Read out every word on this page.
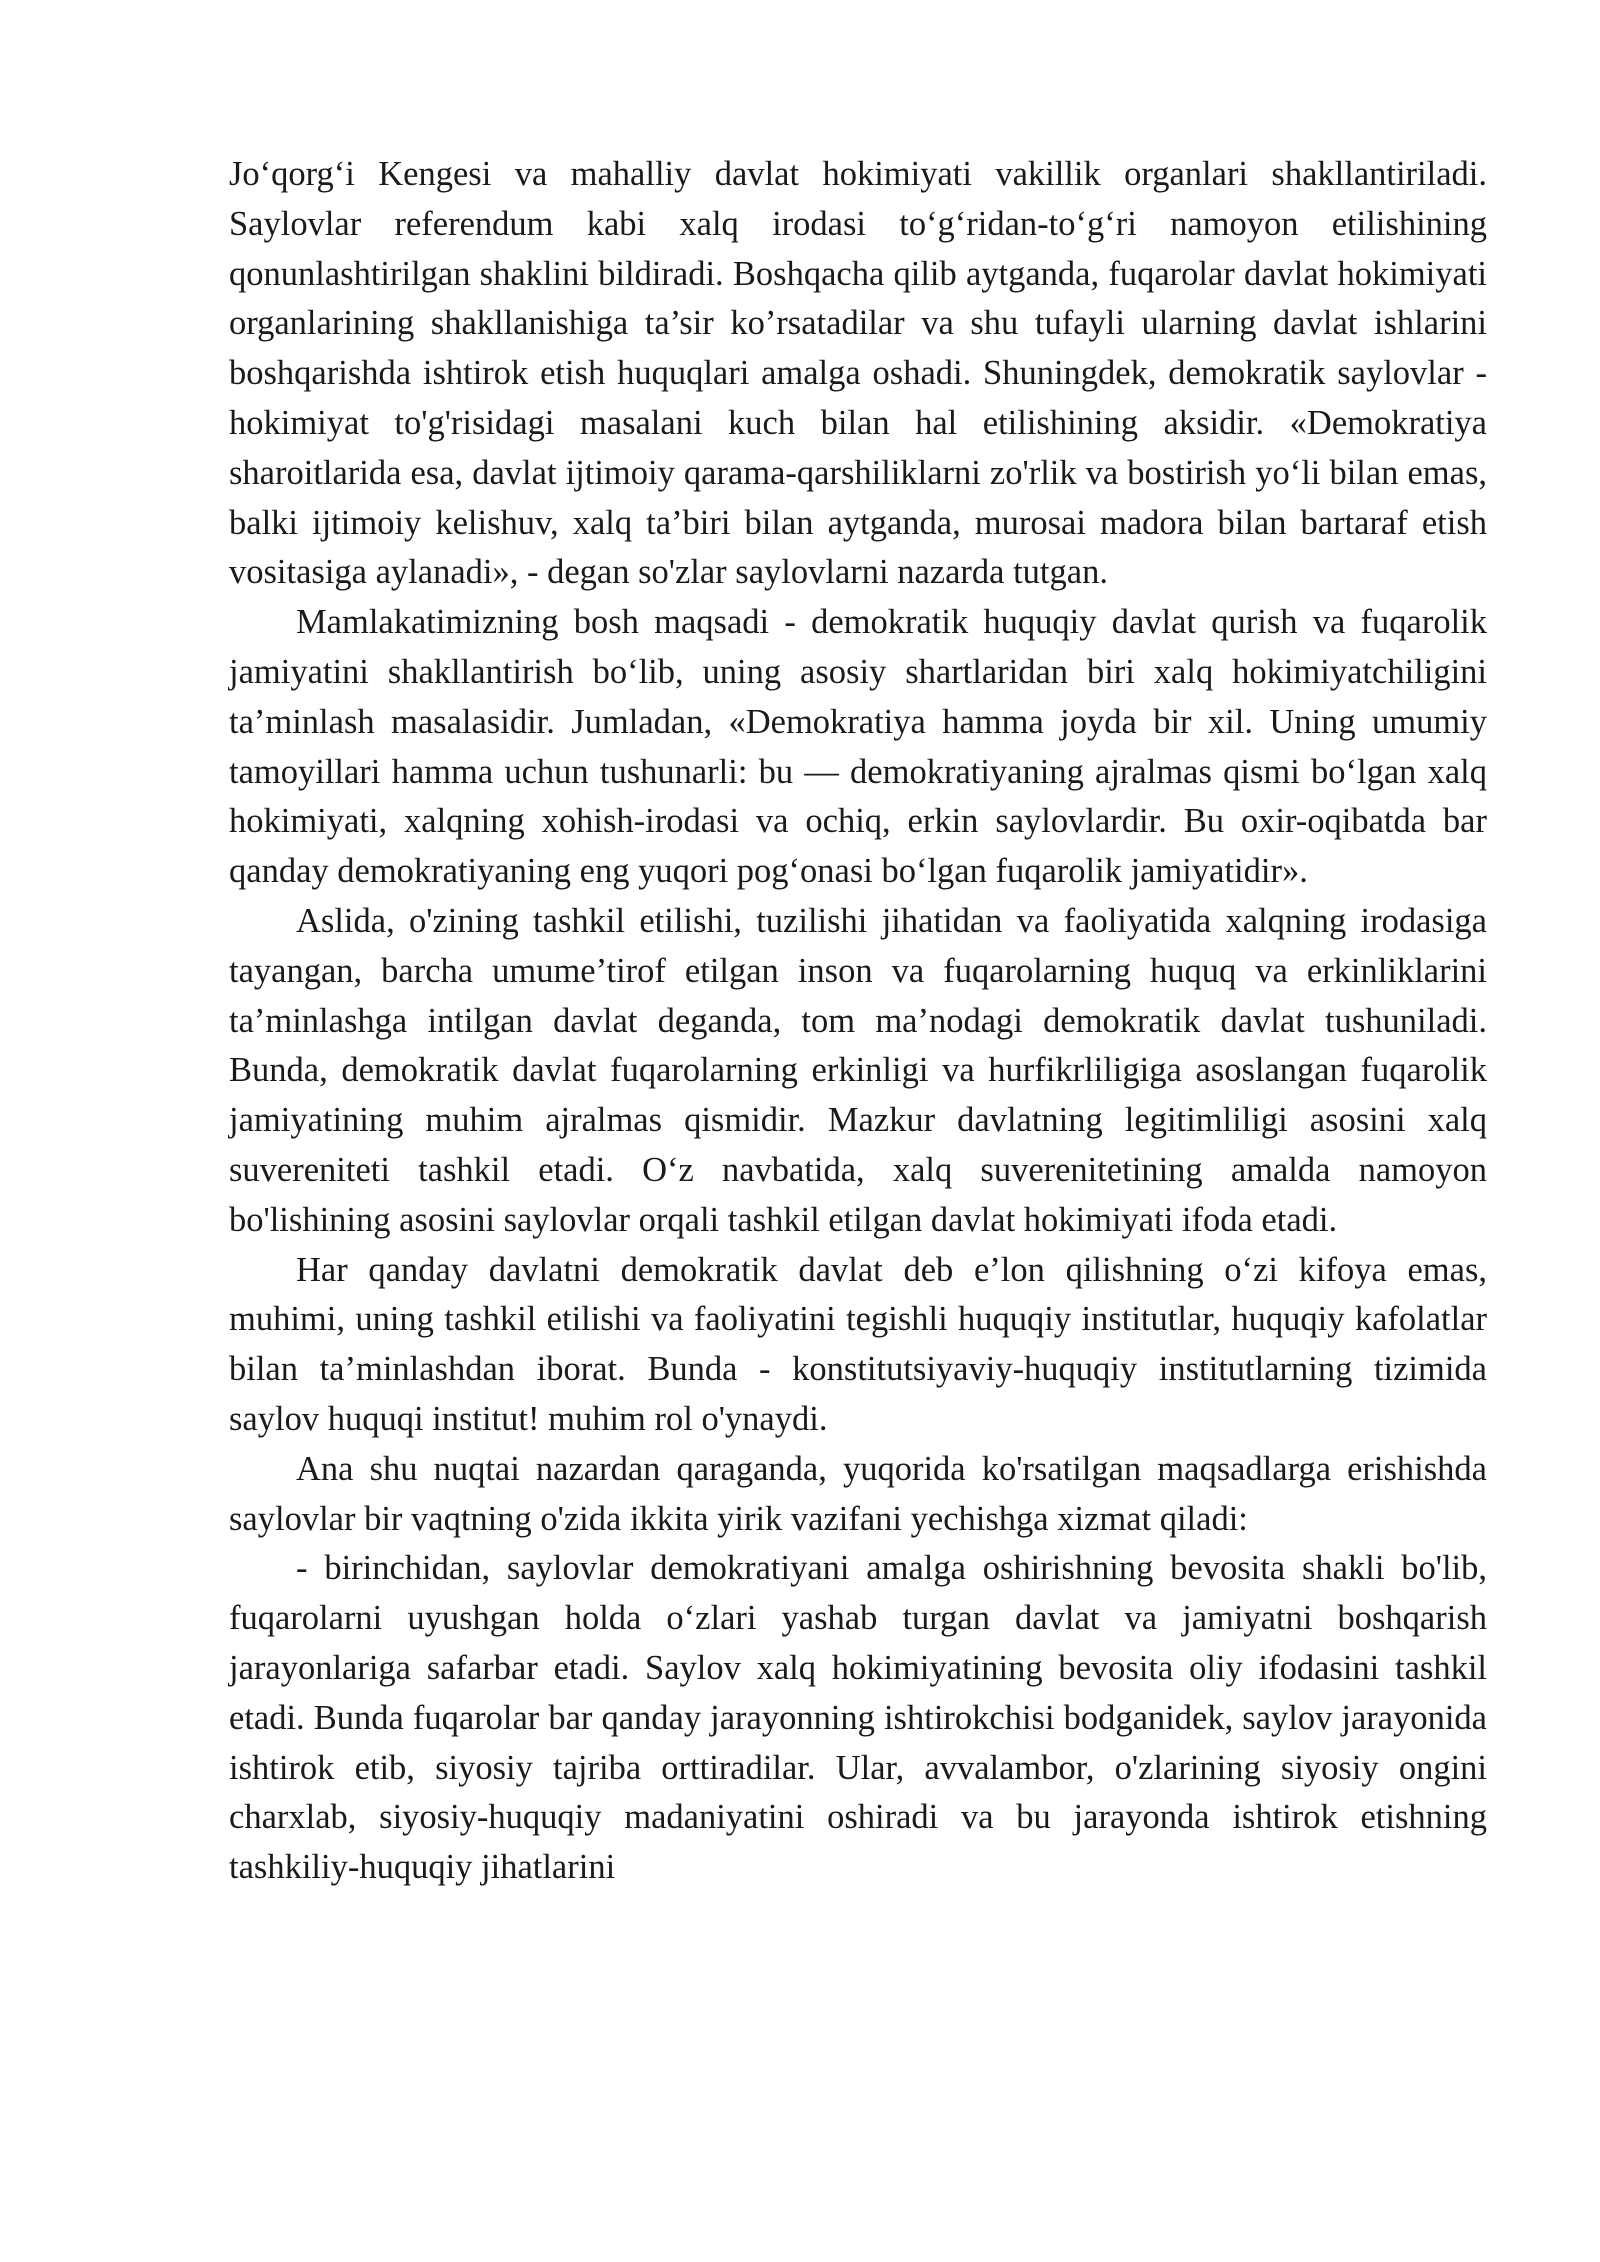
Jo‘qorg‘i Kengesi va mahalliy davlat hokimiyati vakillik organlari shakllantiriladi. Saylovlar referendum kabi xalq irodasi to‘g‘ridan-to‘g‘ri namoyon etilishining qonunlashtirilgan shaklini bildiradi. Boshqacha qilib aytganda, fuqarolar davlat hokimiyati organlarining shakllanishiga ta’sir ko’rsatadilar va shu tufayli ularning davlat ishlarini boshqarishda ishtirok etish huquqlari amalga oshadi. Shuningdek, demokratik saylovlar - hokimiyat to'g'risidagi masalani kuch bilan hal etilishining aksidir. «Demokratiya sharoitlarida esa, davlat ijtimoiy qarama-qarshiliklarni zo'rlik va bostirish yo‘li bilan emas, balki ijtimoiy kelishuv, xalq ta’biri bilan aytganda, murosai madora bilan bartaraf etish vositasiga aylanadi», - degan so'zlar saylovlarni nazarda tutgan.

Mamlakatimizning bosh maqsadi - demokratik huquqiy davlat qurish va fuqarolik jamiyatini shakllantirish bo‘lib, uning asosiy shartlaridan biri xalq hokimiyatchiligini ta’minlash masalasidir. Jumladan, «Demokratiya hamma joyda bir xil. Uning umumiy tamoyillari hamma uchun tushunarli: bu — demokratiyaning ajralmas qismi bo‘lgan xalq hokimiyati, xalqning xohish-irodasi va ochiq, erkin saylovlardir. Bu oxir-oqibatda bar qanday demokratiyaning eng yuqori pog‘onasi bo‘lgan fuqarolik jamiyatidir».

Aslida, o'zining tashkil etilishi, tuzilishi jihatidan va faoliyatida xalqning irodasiga tayangan, barcha umume’tirof etilgan inson va fuqarolarning huquq va erkinliklarini ta’minlashga intilgan davlat deganda, tom ma’nodagi demokratik davlat tushuniladi. Bunda, demokratik davlat fuqarolarning erkinligi va hurfikrliligiga asoslangan fuqarolik jamiyatining muhim ajralmas qismidir. Mazkur davlatning legitimliligi asosini xalq suvereniteti tashkil etadi. O‘z navbatida, xalq suverenitetining amalda namoyon bo'lishining asosini saylovlar orqali tashkil etilgan davlat hokimiyati ifoda etadi.

Har qanday davlatni demokratik davlat deb e’lon qilishning o‘zi kifoya emas, muhimi, uning tashkil etilishi va faoliyatini tegishli huquqiy institutlar, huquqiy kafolatlar bilan ta’minlashdan iborat. Bunda - konstitutsiyaviy-huquqiy institutlarning tizimida saylov huquqi institut! muhim rol o'ynaydi.

Ana shu nuqtai nazardan qaraganda, yuqorida ko'rsatilgan maqsadlarga erishishda saylovlar bir vaqtning o'zida ikkita yirik vazifani yechishga xizmat qiladi:

- birinchidan, saylovlar demokratiyani amalga oshirishning bevosita shakli bo'lib, fuqarolarni uyushgan holda o‘zlari yashab turgan davlat va jamiyatni boshqarish jarayonlariga safarbar etadi. Saylov xalq hokimiyatining bevosita oliy ifodasini tashkil etadi. Bunda fuqarolar bar qanday jarayonning ishtirokchisi bodganidek, saylov jarayonida ishtirok etib, siyosiy tajriba orttiradilar. Ular, avvalambor, o'zlarining siyosiy ongini charxlab, siyosiy-huquqiy madaniyatini oshiradi va bu jarayonda ishtirok etishning tashkiliy-huquqiy jihatlarini
